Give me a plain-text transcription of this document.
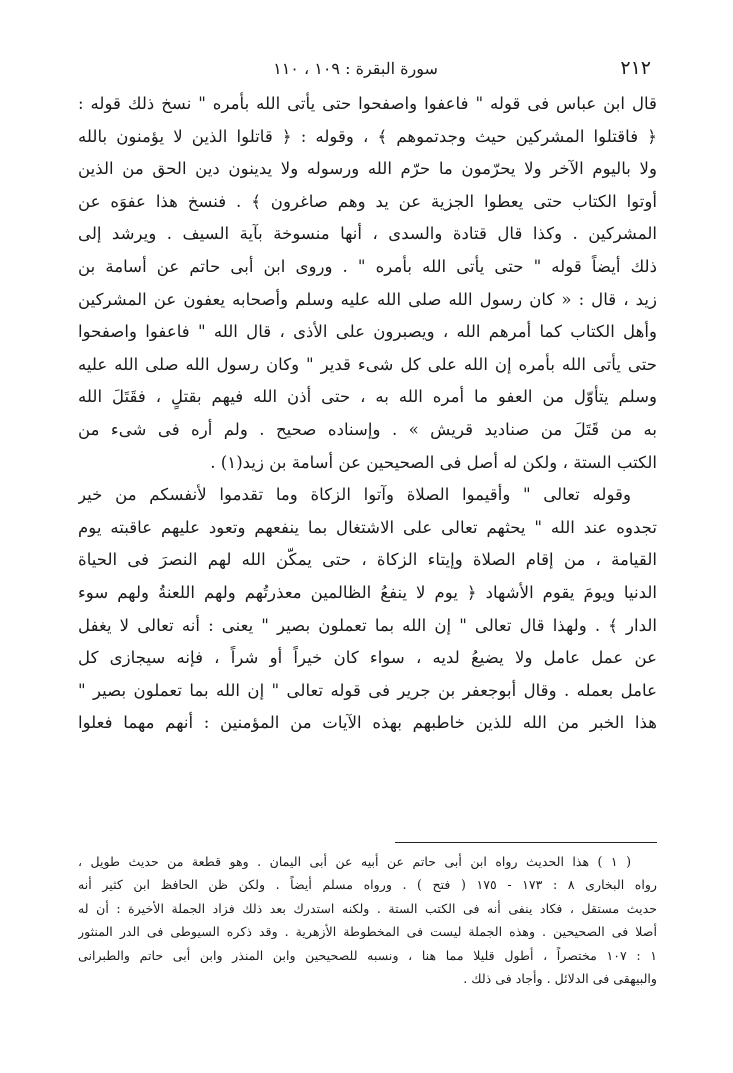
٢١٢
سورة البقرة : ١٠٩ ، ١١٠
قال ابن عباس فى قوله " فاعفوا واصفحوا حتى يأتى الله بأمره " نسخ ذلك قوله :
﴿ فاقتلوا المشركين حيث وجدتموهم ﴾ ، وقوله : ﴿ قاتلوا الذين لا يؤمنون بالله
ولا باليوم الآخر ولا يحرّمون ما حرّم الله ورسوله ولا يدينون دين الحق من الذين
أوتوا الكتاب حتى يعطوا الجزية عن يد وهم صاغرون ﴾ . فنسخ هذا عفوَه عن
المشركين . وكذا قال قتادة والسدى ، أنها منسوخة بآية السيف . ويرشد إلى
ذلك أيضاً قوله " حتى يأتى الله بأمره " . وروى ابن أبى حاتم عن أسامة بن
زيد ، قال : « كان رسول الله صلى الله عليه وسلم وأصحابه يعفون عن المشركين
وأهل الكتاب كما أمرهم الله ، ويصبرون على الأذى ، قال الله " فاعفوا واصفحوا
حتى يأتى الله بأمره إن الله على كل شىء قدير " وكان رسول الله صلى الله عليه
وسلم يتأوّل من العفو ما أمره الله به ، حتى أذن الله فيهم بقتلٍ ، فقَتَلَ الله
به من قَتَلَ من صناديد قريش » . وإسناده صحيح . ولم أره فى شىء من
الكتب الستة ، ولكن له أصل فى الصحيحين عن أسامة بن زيد(١) .
وقوله تعالى " وأقيموا الصلاة وآتوا الزكاة وما تقدموا لأنفسكم من خير
تجدوه عند الله " يحثهم تعالى على الاشتغال بما ينفعهم وتعود عليهم عاقبته يوم
القيامة ، من إقام الصلاة وإيتاء الزكاة ، حتى يمكّن الله لهم النصرَ فى الحياة
الدنيا ويومَ يقوم الأشهاد ﴿ يوم لا ينفعُ الظالمين معذرتُهم ولهم اللعنةُ ولهم سوء
الدار ﴾ . ولهذا قال تعالى " إن الله بما تعملون بصير " يعنى : أنه تعالى لا يغفل
عن عمل عامل ولا يضيعُ لديه ، سواء كان خيراً أو شراً ، فإنه سيجازى كل
عامل بعمله . وقال أبوجعفر بن جرير فى قوله تعالى " إن الله بما تعملون بصير "
هذا الخبر من الله للذين خاطبهم بهذه الآيات من المؤمنين : أنهم مهما فعلوا
( ١ ) هذا الحديث رواه ابن أبى حاتم عن أبيه عن أبى اليمان . وهو قطعة من حديث طويل ،
رواه البخارى ٨ : ١٧٣ - ١٧٥ ( فتح ) . ورواه مسلم أيضاً . ولكن ظن الحافظ ابن كثير أنه
حديث مستقل ، فكاد ينفى أنه فى الكتب الستة . ولكنه استدرك بعد ذلك فزاد الجملة الأخيرة : أن له
أصلا فى الصحيحين . وهذه الجملة ليست فى المخطوطة الأزهرية . وقد ذكره السيوطى فى الدر المنثور
١ : ١٠٧ مختصراً ، أطول قليلا مما هنا ، ونسبه للصحيحين وابن المنذر وابن أبى حاتم والطبرانى
والبيهقى فى الدلائل . وأجاد فى ذلك .
